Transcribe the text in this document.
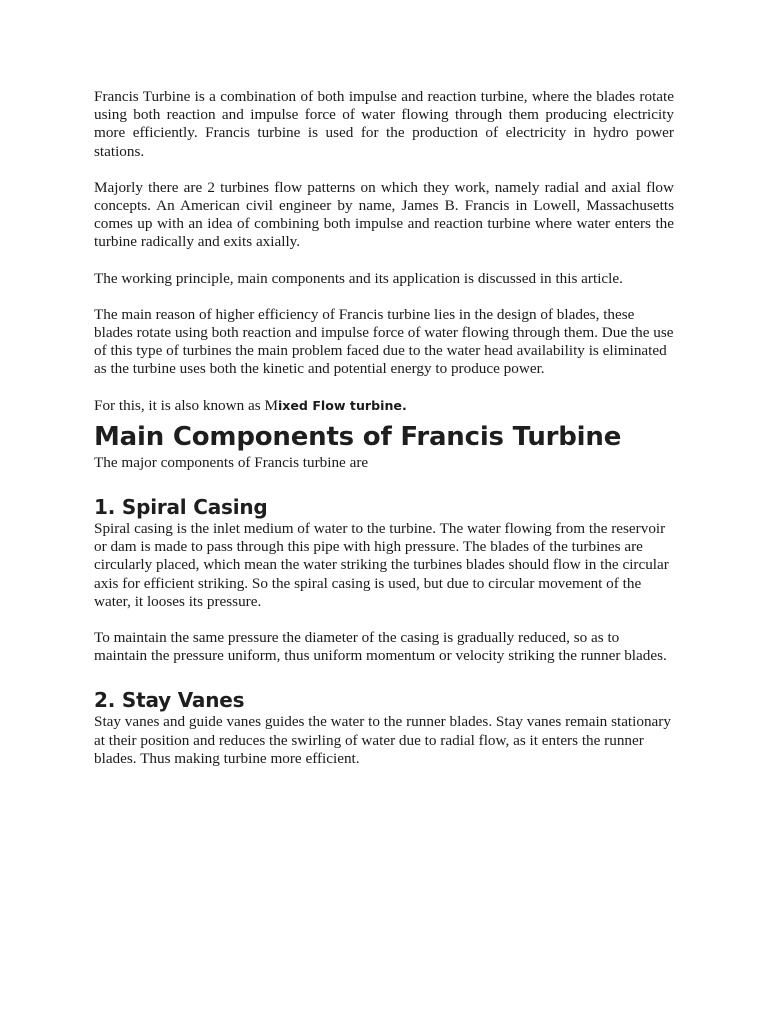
Francis Turbine is a combination of both impulse and reaction turbine, where the blades rotate using both reaction and impulse force of water flowing through them producing electricity more efficiently. Francis turbine is used for the production of electricity in hydro power stations.

Majorly there are 2 turbines flow patterns on which they work, namely radial and axial flow concepts. An American civil engineer by name, James B. Francis in Lowell, Massachusetts comes up with an idea of combining both impulse and reaction turbine where water enters the turbine radically and exits axially.

The working principle, main components and its application is discussed in this article.

The main reason of higher efficiency of Francis turbine lies in the design of blades, these blades rotate using both reaction and impulse force of water flowing through them. Due the use of this type of turbines the main problem faced due to the water head availability is eliminated as the turbine uses both the kinetic and potential energy to produce power.

For this, it is also known as Mixed Flow turbine.

Main Components of Francis Turbine

The major components of Francis turbine are

1. Spiral Casing

Spiral casing is the inlet medium of water to the turbine. The water flowing from the reservoir or dam is made to pass through this pipe with high pressure. The blades of the turbines are circularly placed, which mean the water striking the turbines blades should flow in the circular axis for efficient striking. So the spiral casing is used, but due to circular movement of the water, it looses its pressure.

To maintain the same pressure the diameter of the casing is gradually reduced, so as to maintain the pressure uniform, thus uniform momentum or velocity striking the runner blades.

2. Stay Vanes

Stay vanes and guide vanes guides the water to the runner blades. Stay vanes remain stationary at their position and reduces the swirling of water due to radial flow, as it enters the runner blades. Thus making turbine more efficient.
